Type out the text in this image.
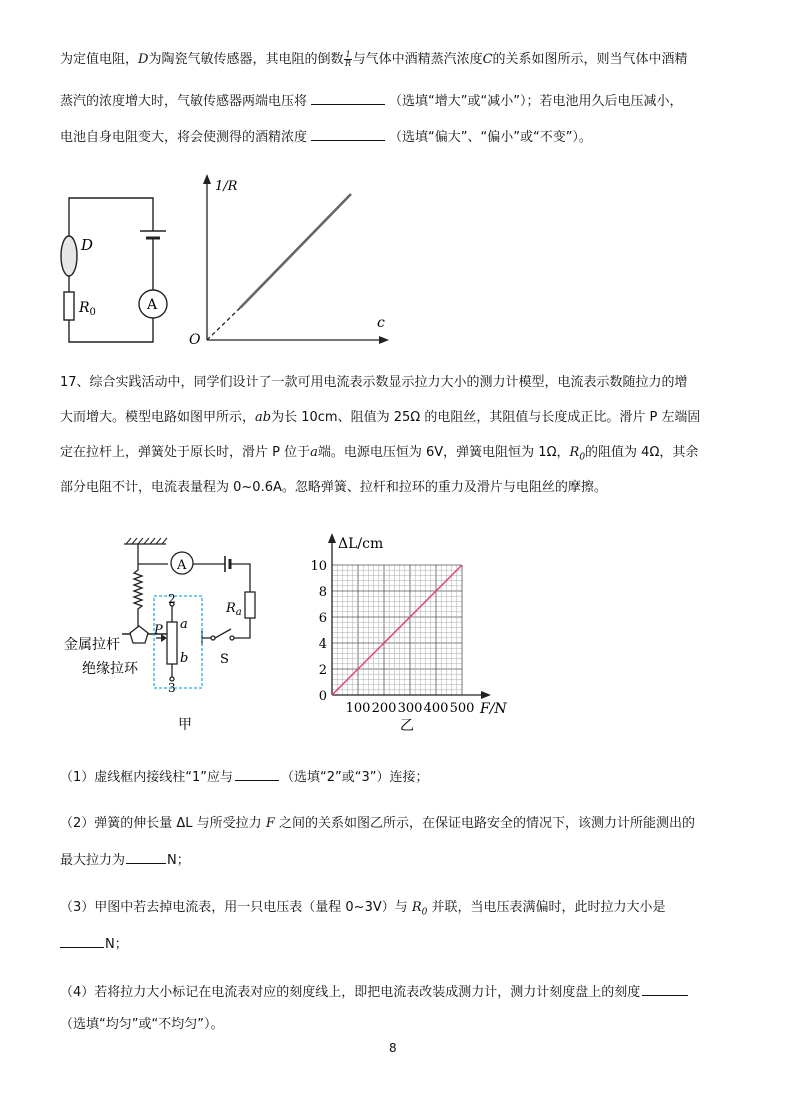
为定值电阻，D为陶瓷气敏传感器，其电阻的倒数 $\frac{1}{R}$ 与气体中酒精蒸汽浓度C的关系如图所示，则当气体中酒精
蒸汽的浓度增大时，气敏传感器两端电压将	（选填“增大”或“减小”）；若电池用久后电压减小，
电池自身电阻变大，将会使测得的酒精浓度	（选填“偏大”、“偏小”或“不变”）。
D
$R_0$	A
1/R
c
O
17、综合实践活动中，同学们设计了一款可用电流表示数显示拉力大小的测力计模型，电流表示数随拉力的增
大而增大。模型电路如图甲所示，ab为长 10cm、阻值为 25Ω 的电阻丝，其阻值与长度成正比。滑片 P 左端固
定在拉杆上，弹簧处于原长时，滑片 P 位于a端。电源电压恒为 6V，弹簧电阻恒为 1Ω，$R_0$的阻值为 4Ω，其余
部分电阻不计，电流表量程为 0~0.6A。忽略弹簧、拉杆和拉环的重力及滑片与电阻丝的摩擦。
A
2
3
a
b
P
$R_a$
S
金属拉杆
绝缘拉环
甲
0
2
4
6
8
10
100 200 300 400 500
ΔL/cm
F/N
乙
（1）虚线框内接线柱“1”应与	（选填“2”或“3”）连接；
（2）弹簧的伸长量 ΔL 与所受拉力 F 之间的关系如图乙所示，在保证电路安全的情况下，该测力计所能测出的
最大拉力为	N；
（3）甲图中若去掉电流表，用一只电压表（量程 0~3V）与 $R_0$ 并联，当电压表满偏时，此时拉力大小是
N；
（4）若将拉力大小标记在电流表对应的刻度线上，即把电流表改装成测力计，测力计刻度盘上的刻度
（选填“均匀”或“不均匀”）。
8
